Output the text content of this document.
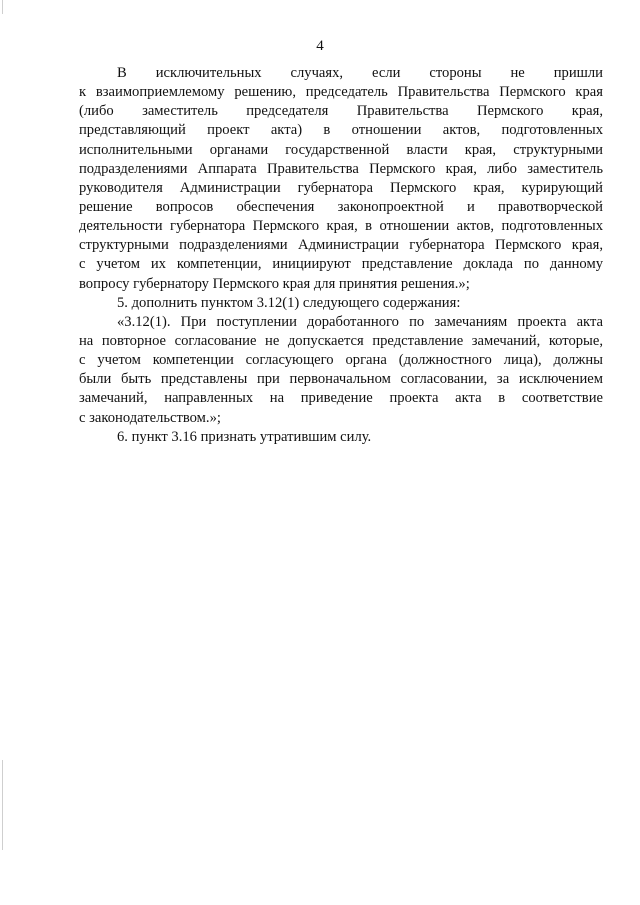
4
В исключительных случаях, если стороны не пришли
к взаимоприемлемому решению, председатель Правительства Пермского края
(либо заместитель председателя Правительства Пермского края,
представляющий проект акта) в отношении актов, подготовленных
исполнительными органами государственной власти края, структурными
подразделениями Аппарата Правительства Пермского края, либо заместитель
руководителя Администрации губернатора Пермского края, курирующий
решение вопросов обеспечения законопроектной и правотворческой
деятельности губернатора Пермского края, в отношении актов, подготовленных
структурными подразделениями Администрации губернатора Пермского края,
с учетом их компетенции, инициируют представление доклада по данному
вопросу губернатору Пермского края для принятия решения.»;
5. дополнить пунктом 3.12(1) следующего содержания:
«3.12(1). При поступлении доработанного по замечаниям проекта акта
на повторное согласование не допускается представление замечаний, которые,
с учетом компетенции согласующего органа (должностного лица), должны
были быть представлены при первоначальном согласовании, за исключением
замечаний, направленных на приведение проекта акта в соответствие
с законодательством.»;
6. пункт 3.16 признать утратившим силу.
